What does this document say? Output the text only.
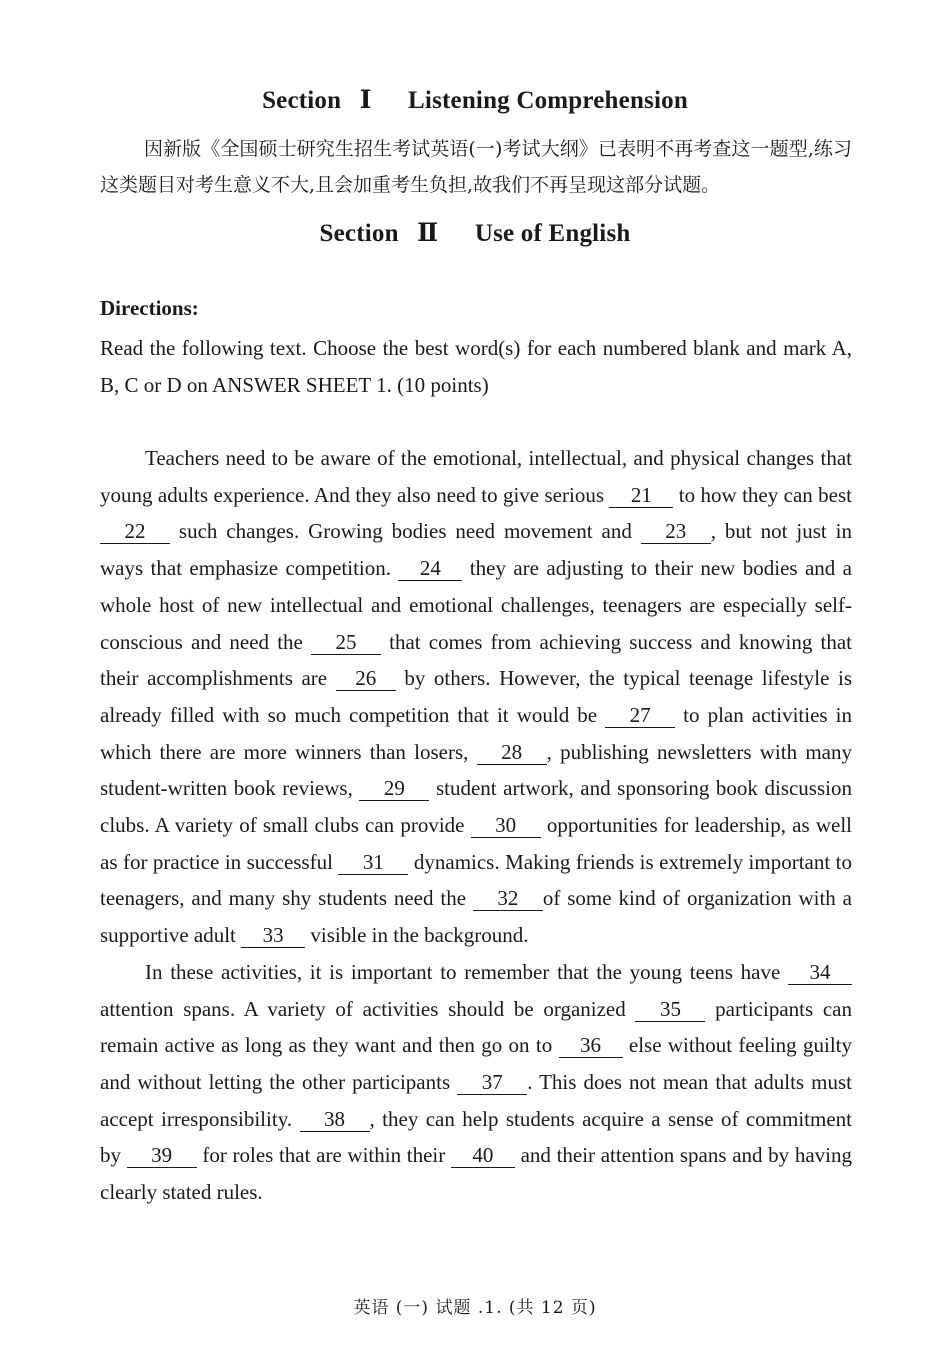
Section Ⅰ Listening Comprehension
因新版《全国硕士研究生招生考试英语(一)考试大纲》已表明不再考查这一题型,练习这类题目对考生意义不大,且会加重考生负担,故我们不再呈现这部分试题。
Section Ⅱ Use of English
Directions:
Read the following text. Choose the best word(s) for each numbered blank and mark A, B, C or D on ANSWER SHEET 1. (10 points)

Teachers need to be aware of the emotional, intellectual, and physical changes that young adults experience. And they also need to give serious 21 to how they can best 22 such changes. Growing bodies need movement and 23 , but not just in ways that emphasize competition. 24 they are adjusting to their new bodies and a whole host of new intellectual and emotional challenges, teenagers are especially self-conscious and need the 25 that comes from achieving success and knowing that their accomplishments are 26 by others. However, the typical teenage lifestyle is already filled with so much competition that it would be 27 to plan activities in which there are more winners than losers, 28 , publishing newsletters with many student-written book reviews, 29 student artwork, and sponsoring book discussion clubs. A variety of small clubs can provide 30 opportunities for leadership, as well as for practice in successful 31 dynamics. Making friends is extremely important to teenagers, and many shy students need the 32 of some kind of organization with a supportive adult 33 visible in the background.

In these activities, it is important to remember that the young teens have 34 attention spans. A variety of activities should be organized 35 participants can remain active as long as they want and then go on to 36 else without feeling guilty and without letting the other participants 37 . This does not mean that adults must accept irresponsibility. 38 , they can help students acquire a sense of commitment by 39 for roles that are within their 40 and their attention spans and by having clearly stated rules.

英语 (一) 试题 .1. (共 12 页)
